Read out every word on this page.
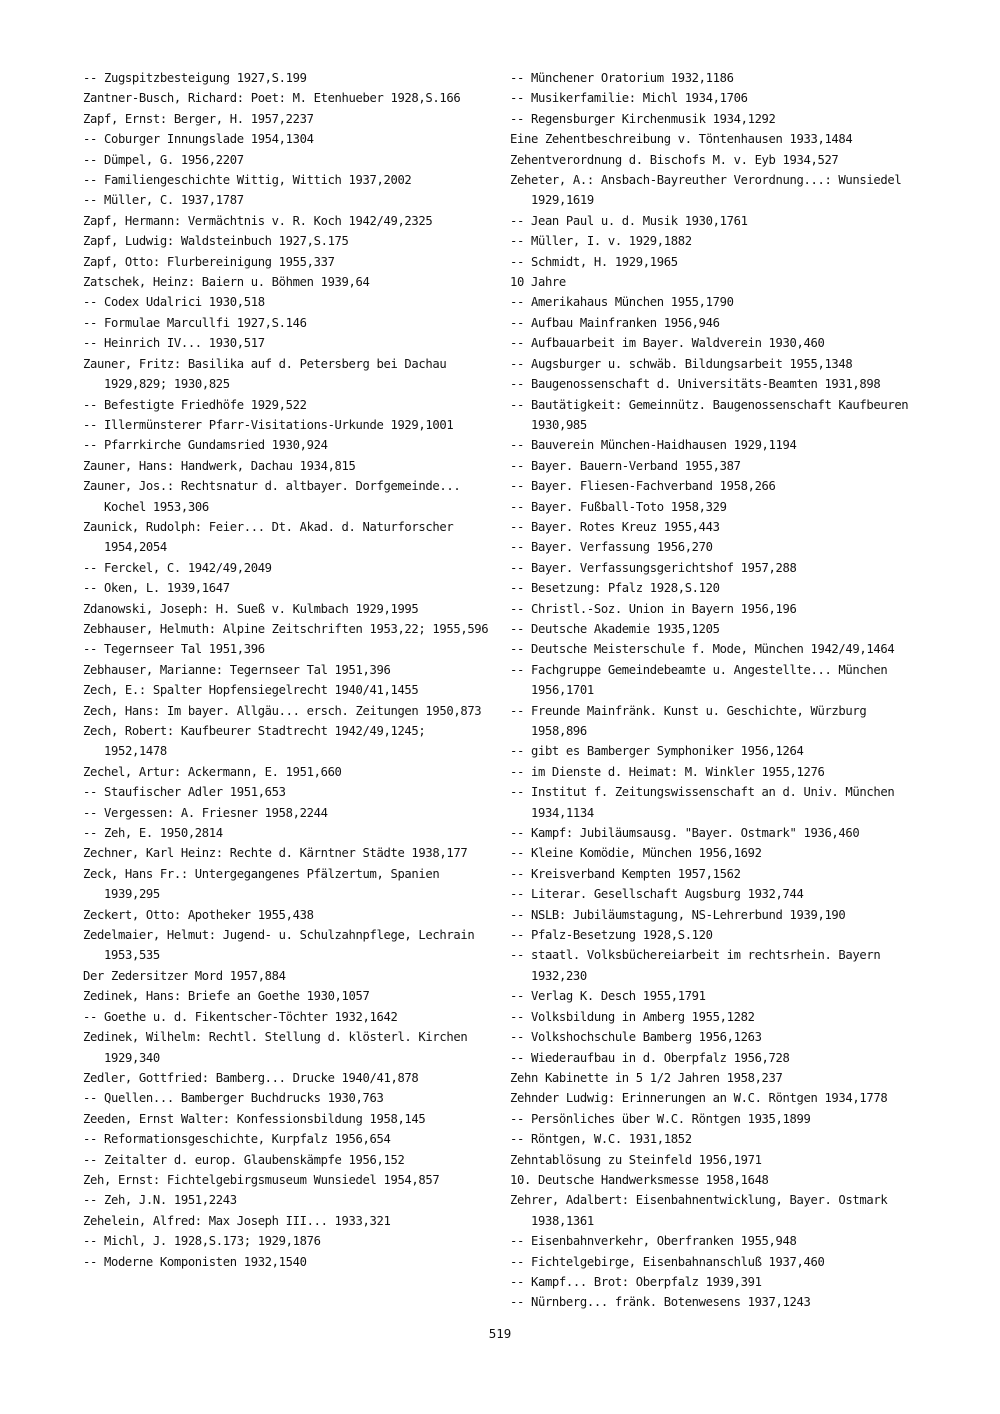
-- Zugspitzbesteigung 1927,S.199
Zantner-Busch, Richard: Poet: M. Etenhueber 1928,S.166
Zapf, Ernst: Berger, H. 1957,2237
-- Coburger Innungslade 1954,1304
-- Dümpel, G. 1956,2207
-- Familiengeschichte Wittig, Wittich 1937,2002
-- Müller, C. 1937,1787
Zapf, Hermann: Vermächtnis v. R. Koch 1942/49,2325
Zapf, Ludwig: Waldsteinbuch 1927,S.175
Zapf, Otto: Flurbereinigung 1955,337
Zatschek, Heinz: Baiern u. Böhmen 1939,64
-- Codex Udalrici 1930,518
-- Formulae Marcullfi 1927,S.146
-- Heinrich IV... 1930,517
Zauner, Fritz: Basilika auf d. Petersberg bei Dachau 1929,829; 1930,825
-- Befestigte Friedhöfe 1929,522
-- Illermünsterer Pfarr-Visitations-Urkunde 1929,1001
-- Pfarrkirche Gundamsried 1930,924
Zauner, Hans: Handwerk, Dachau 1934,815
Zauner, Jos.: Rechtsnatur d. altbayer. Dorfgemeinde... Kochel 1953,306
Zaunick, Rudolph: Feier... Dt. Akad. d. Naturforscher 1954,2054
-- Ferckel, C. 1942/49,2049
-- Oken, L. 1939,1647
Zdanowski, Joseph: H. Sueß v. Kulmbach 1929,1995
Zebhauser, Helmuth: Alpine Zeitschriften 1953,22; 1955,596
-- Tegernseer Tal 1951,396
Zebhauser, Marianne: Tegernseer Tal 1951,396
Zech, E.: Spalter Hopfensiegelrecht 1940/41,1455
Zech, Hans: Im bayer. Allgäu... ersch. Zeitungen 1950,873
Zech, Robert: Kaufbeurer Stadtrecht 1942/49,1245; 1952,1478
Zechel, Artur: Ackermann, E. 1951,660
-- Staufischer Adler 1951,653
-- Vergessen: A. Friesner 1958,2244
-- Zeh, E. 1950,2814
Zechner, Karl Heinz: Rechte d. Kärntner Städte 1938,177
Zeck, Hans Fr.: Untergegangenes Pfälzertum, Spanien 1939,295
Zeckert, Otto: Apotheker 1955,438
Zedelmaier, Helmut: Jugend- u. Schulzahnpflege, Lechrain 1953,535
Der Zedersitzer Mord 1957,884
Zedinek, Hans: Briefe an Goethe 1930,1057
-- Goethe u. d. Fikentscher-Töchter 1932,1642
Zedinek, Wilhelm: Rechtl. Stellung d. klösterl. Kirchen 1929,340
Zedler, Gottfried: Bamberg... Drucke 1940/41,878
-- Quellen... Bamberger Buchdrucks 1930,763
Zeeden, Ernst Walter: Konfessionsbildung 1958,145
-- Reformationsgeschichte, Kurpfalz 1956,654
-- Zeitalter d. europ. Glaubenskämpfe 1956,152
Zeh, Ernst: Fichtelgebirgsmuseum Wunsiedel 1954,857
-- Zeh, J.N. 1951,2243
Zehelein, Alfred: Max Joseph III... 1933,321
-- Michl, J. 1928,S.173; 1929,1876
-- Moderne Komponisten 1932,1540
-- Münchener Oratorium 1932,1186
-- Musikerfamilie: Michl 1934,1706
-- Regensburger Kirchenmusik 1934,1292
Eine Zehentbeschreibung v. Töntenhausen 1933,1484
Zehentverordnung d. Bischofs M. v. Eyb 1934,527
Zeheter, A.: Ansbach-Bayreuther Verordnung...: Wunsiedel 1929,1619
-- Jean Paul u. d. Musik 1930,1761
-- Müller, I. v. 1929,1882
-- Schmidt, H. 1929,1965
10 Jahre
-- Amerikahaus München 1955,1790
-- Aufbau Mainfranken 1956,946
-- Aufbauarbeit im Bayer. Waldverein 1930,460
-- Augsburger u. schwäb. Bildungsarbeit 1955,1348
-- Baugenossenschaft d. Universitäts-Beamten 1931,898
-- Bautätigkeit: Gemeinnütz. Baugenossenschaft Kaufbeuren 1930,985
-- Bauverein München-Haidhausen 1929,1194
-- Bayer. Bauern-Verband 1955,387
-- Bayer. Fliesen-Fachverband 1958,266
-- Bayer. Fußball-Toto 1958,329
-- Bayer. Rotes Kreuz 1955,443
-- Bayer. Verfassung 1956,270
-- Bayer. Verfassungsgerichtshof 1957,288
-- Besetzung: Pfalz 1928,S.120
-- Christl.-Soz. Union in Bayern 1956,196
-- Deutsche Akademie 1935,1205
-- Deutsche Meisterschule f. Mode, München 1942/49,1464
-- Fachgruppe Gemeindebeamte u. Angestellte... München 1956,1701
-- Freunde Mainfränk. Kunst u. Geschichte, Würzburg 1958,896
-- gibt es Bamberger Symphoniker 1956,1264
-- im Dienste d. Heimat: M. Winkler 1955,1276
-- Institut f. Zeitungswissenschaft an d. Univ. München 1934,1134
-- Kampf: Jubiläumsausg. "Bayer. Ostmark" 1936,460
-- Kleine Komödie, München 1956,1692
-- Kreisverband Kempten 1957,1562
-- Literar. Gesellschaft Augsburg 1932,744
-- NSLB: Jubiläumstagung, NS-Lehrerbund 1939,190
-- Pfalz-Besetzung 1928,S.120
-- staatl. Volksbüchereiarbeit im rechtsrhein. Bayern 1932,230
-- Verlag K. Desch 1955,1791
-- Volksbildung in Amberg 1955,1282
-- Volkshochschule Bamberg 1956,1263
-- Wiederaufbau in d. Oberpfalz 1956,728
Zehn Kabinette in 5 1/2 Jahren 1958,237
Zehnder Ludwig: Erinnerungen an W.C. Röntgen 1934,1778
-- Persönliches über W.C. Röntgen 1935,1899
-- Röntgen, W.C. 1931,1852
Zehntablösung zu Steinfeld 1956,1971
10. Deutsche Handwerksmesse 1958,1648
Zehrer, Adalbert: Eisenbahnentwicklung, Bayer. Ostmark 1938,1361
-- Eisenbahnverkehr, Oberfranken 1955,948
-- Fichtelgebirge, Eisenbahnanschluß 1937,460
-- Kampf... Brot: Oberpfalz 1939,391
-- Nürnberg... fränk. Botenwesens 1937,1243
519
